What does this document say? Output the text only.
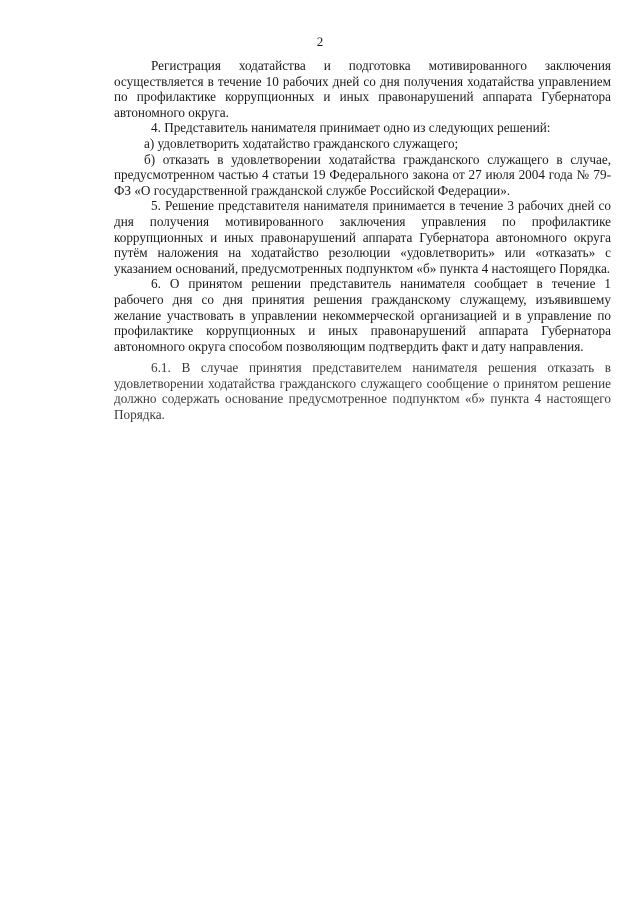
2

Регистрация ходатайства и подготовка мотивированного заключения осуществляется в течение 10 рабочих дней со дня получения ходатайства управлением по профилактике коррупционных и иных правонарушений аппарата Губернатора автономного округа.

4. Представитель нанимателя принимает одно из следующих решений:

а) удовлетворить ходатайство гражданского служащего;

б) отказать в удовлетворении ходатайства гражданского служащего в случае, предусмотренном частью 4 статьи 19 Федерального закона от 27 июля 2004 года № 79-ФЗ «О государственной гражданской службе Российской Федерации».

5. Решение представителя нанимателя принимается в течение 3 рабочих дней со дня получения мотивированного заключения управления по профилактике коррупционных и иных правонарушений аппарата Губернатора автономного округа путём наложения на ходатайство резолюции «удовлетворить» или «отказать» с указанием оснований, предусмотренных подпунктом «б» пункта 4 настоящего Порядка.

6. О принятом решении представитель нанимателя сообщает в течение 1 рабочего дня со дня принятия решения гражданскому служащему, изъявившему желание участвовать в управлении некоммерческой организацией и в управление по профилактике коррупционных и иных правонарушений аппарата Губернатора автономного округа способом позволяющим подтвердить факт и дату направления.

6.1. В случае принятия представителем нанимателя решения отказать в удовлетворении ходатайства гражданского служащего сообщение о принятом решение должно содержать основание предусмотренное подпунктом «б» пункта 4 настоящего Порядка.
